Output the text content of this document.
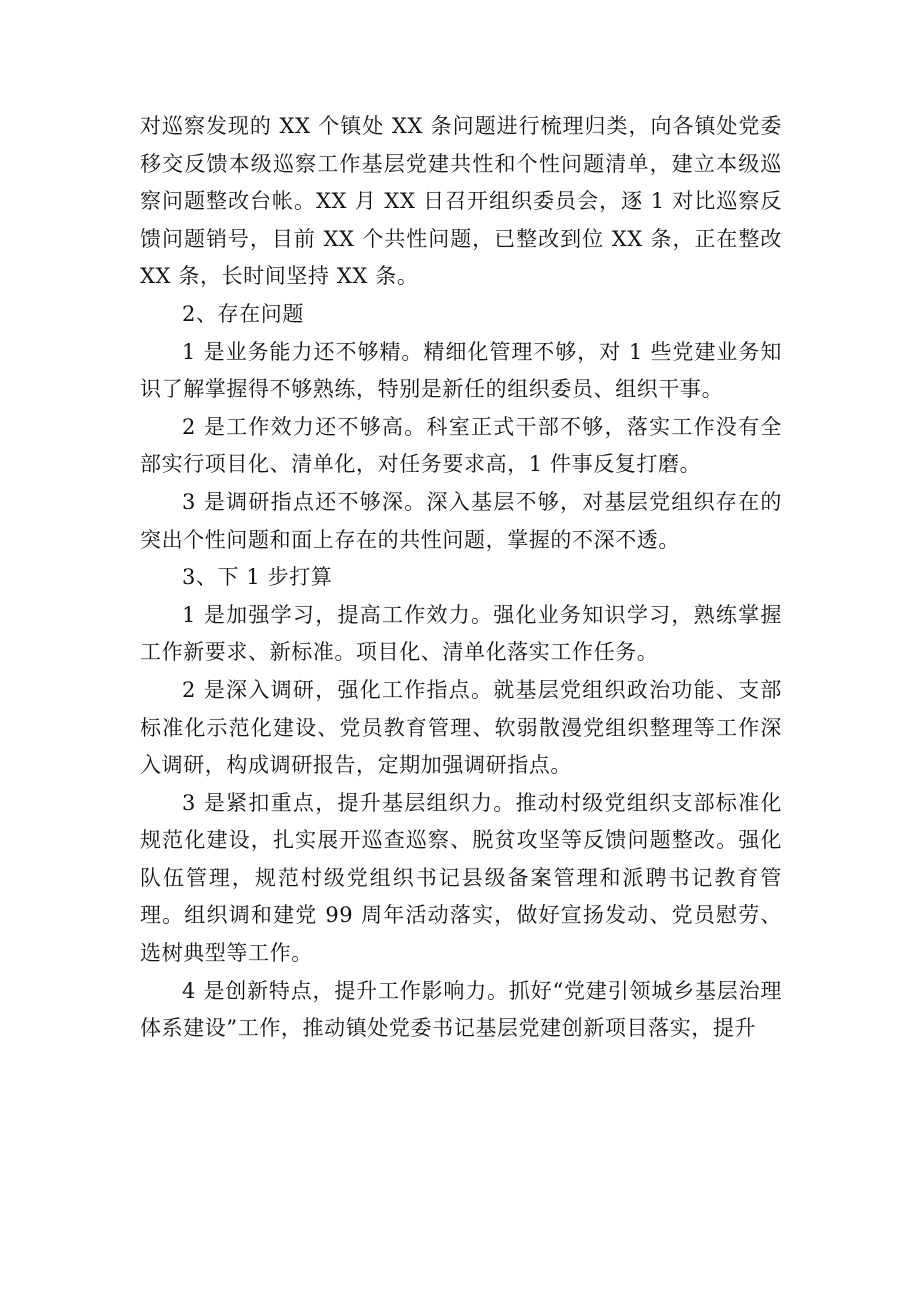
对巡察发现的 XX 个镇处 XX 条问题进行梳理归类，向各镇处党委移交反馈本级巡察工作基层党建共性和个性问题清单，建立本级巡察问题整改台帐。XX 月 XX 日召开组织委员会，逐 1 对比巡察反馈问题销号，目前 XX 个共性问题，已整改到位 XX 条，正在整改 XX 条，长时间坚持 XX 条。

2、存在问题

1 是业务能力还不够精。精细化管理不够，对 1 些党建业务知识了解掌握得不够熟练，特别是新任的组织委员、组织干事。

2 是工作效力还不够高。科室正式干部不够，落实工作没有全部实行项目化、清单化，对任务要求高，1 件事反复打磨。

3 是调研指点还不够深。深入基层不够，对基层党组织存在的突出个性问题和面上存在的共性问题，掌握的不深不透。

3、下 1 步打算

1 是加强学习，提高工作效力。强化业务知识学习，熟练掌握工作新要求、新标准。项目化、清单化落实工作任务。

2 是深入调研，强化工作指点。就基层党组织政治功能、支部标准化示范化建设、党员教育管理、软弱散漫党组织整理等工作深入调研，构成调研报告，定期加强调研指点。

3 是紧扣重点，提升基层组织力。推动村级党组织支部标准化规范化建设，扎实展开巡查巡察、脱贫攻坚等反馈问题整改。强化队伍管理，规范村级党组织书记县级备案管理和派聘书记教育管理。组织调和建党 99 周年活动落实，做好宣扬发动、党员慰劳、选树典型等工作。

4 是创新特点，提升工作影响力。抓好“党建引领城乡基层治理体系建设”工作，推动镇处党委书记基层党建创新项目落实，提升
